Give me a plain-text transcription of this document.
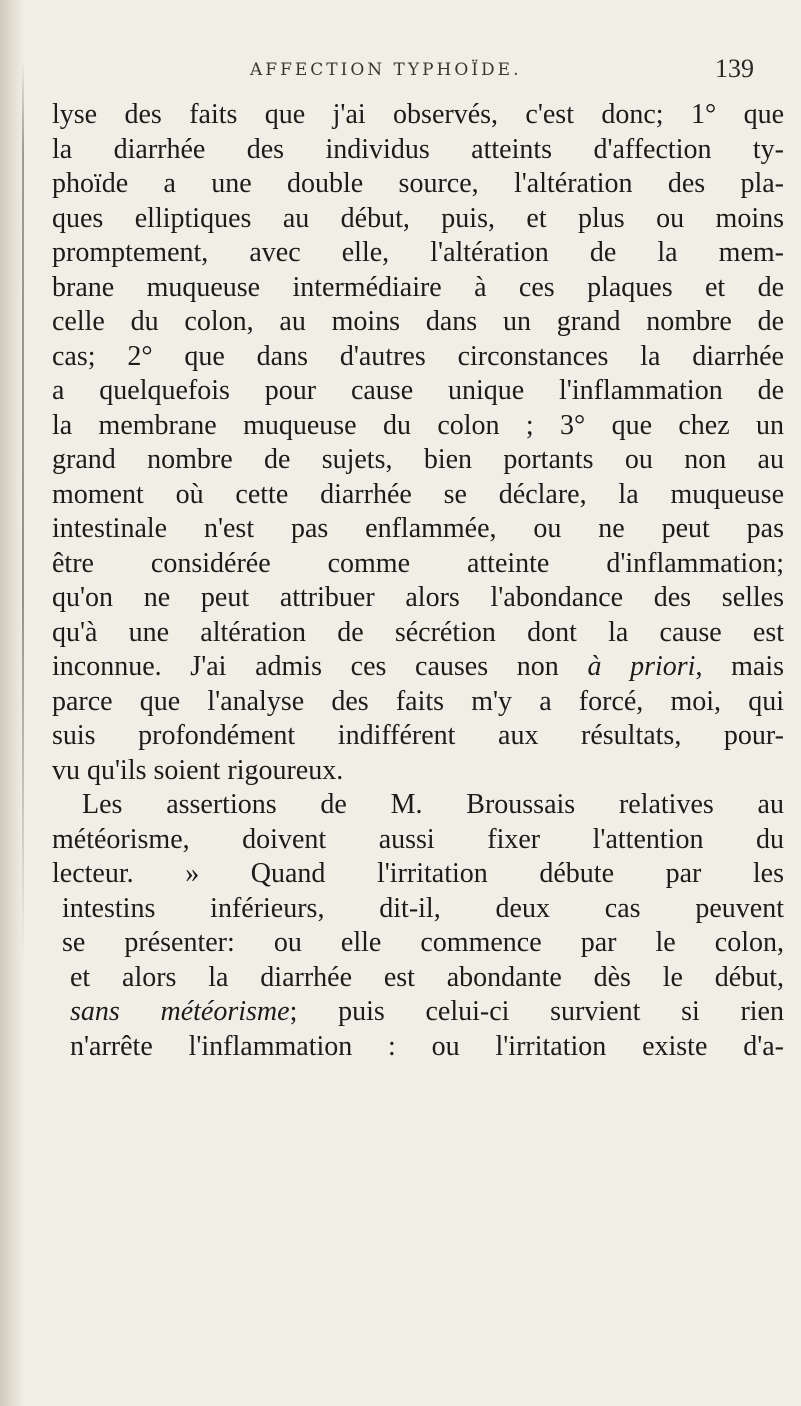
AFFECTION TYPHOÏDE.	139
lyse des faits que j'ai observés, c'est donc; 1° que
la diarrhée des individus atteints d'affection ty-
phoïde a une double source, l'altération des pla-
ques elliptiques au début, puis, et plus ou moins
promptement, avec elle, l'altération de la mem-
brane muqueuse intermédiaire à ces plaques et de
celle du colon, au moins dans un grand nombre de
cas; 2° que dans d'autres circonstances la diarrhée
a quelquefois pour cause unique l'inflammation de
la membrane muqueuse du colon ; 3° que chez un
grand nombre de sujets, bien portants ou non au
moment où cette diarrhée se déclare, la muqueuse
intestinale n'est pas enflammée, ou ne peut pas
être considérée comme atteinte d'inflammation;
qu'on ne peut attribuer alors l'abondance des selles
qu'à une altération de sécrétion dont la cause est
inconnue. J'ai admis ces causes non à priori, mais
parce que l'analyse des faits m'y a forcé, moi, qui
suis profondément indifférent aux résultats, pour-
vu qu'ils soient rigoureux.
Les assertions de M. Broussais relatives au
météorisme, doivent aussi fixer l'attention du
lecteur. » Quand l'irritation débute par les
intestins inférieurs, dit-il, deux cas peuvent
se présenter: ou elle commence par le colon,
et alors la diarrhée est abondante dès le début,
sans météorisme; puis celui-ci survient si rien
n'arrête l'inflammation : ou l'irritation existe d'a-
